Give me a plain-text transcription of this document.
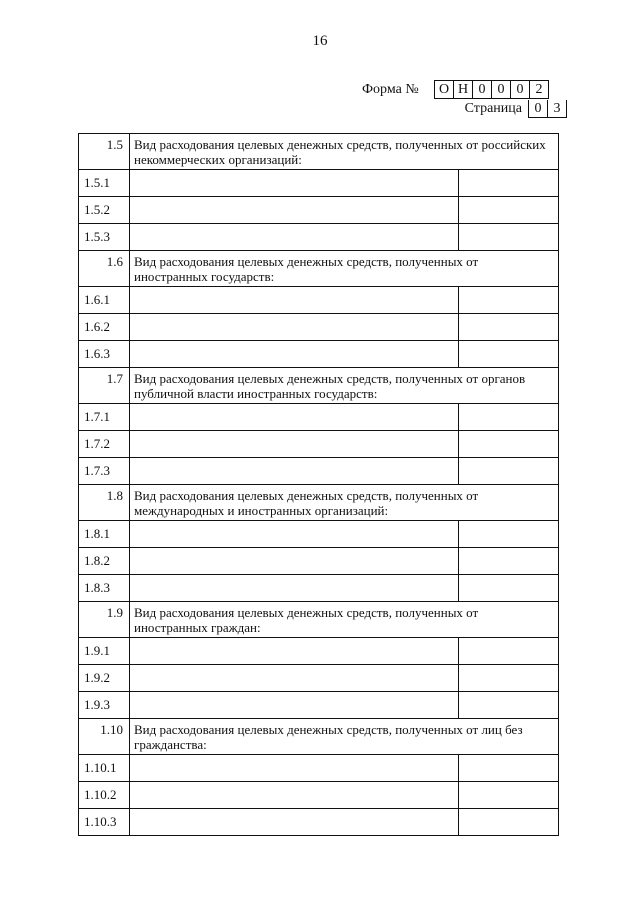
16
Форма №	О Н 0 0 0 2
Страница 0 3
1.5	Вид расходования целевых денежных средств, полученных от российских некоммерческих организаций:	
1.5.1		
1.5.2		
1.5.3		
1.6	Вид расходования целевых денежных средств, полученных от иностранных государств:	
1.6.1		
1.6.2		
1.6.3		
1.7	Вид расходования целевых денежных средств, полученных от органов публичной власти иностранных государств:	
1.7.1		
1.7.2		
1.7.3		
1.8	Вид расходования целевых денежных средств, полученных от международных и иностранных организаций:	
1.8.1		
1.8.2		
1.8.3		
1.9	Вид расходования целевых денежных средств, полученных от иностранных граждан:	
1.9.1		
1.9.2		
1.9.3		
1.10	Вид расходования целевых денежных средств, полученных от лиц без гражданства:	
1.10.1		
1.10.2		
1.10.3		
